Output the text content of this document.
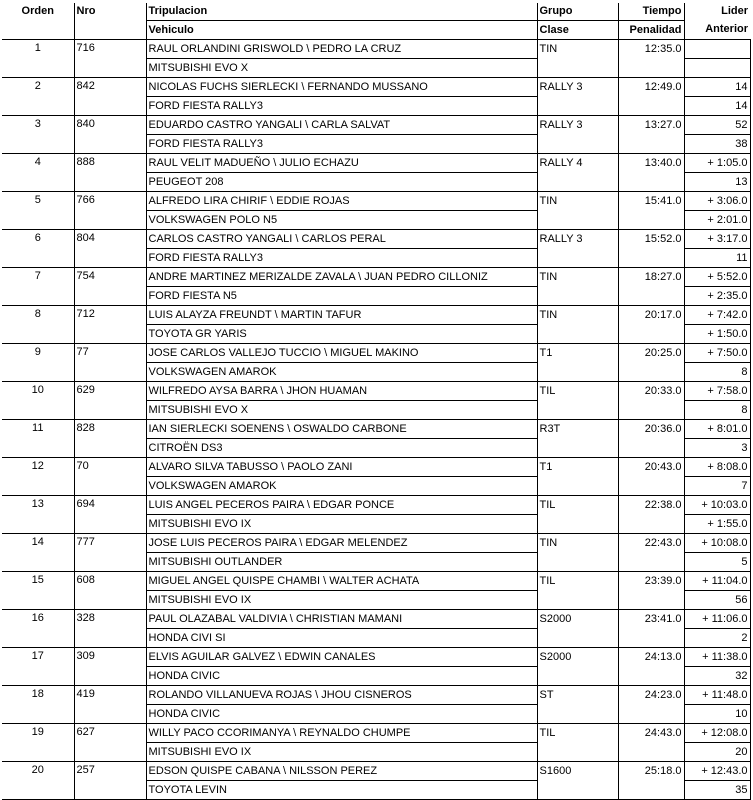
Orden	Nro	Tripulacion	Grupo	Tiempo	Lider
		Vehiculo	Clase	Penalidad	Anterior
1	716	RAUL ORLANDINI GRISWOLD \ PEDRO LA CRUZ	TIN	12:35.0	
		MITSUBISHI EVO X			
2	842	NICOLAS FUCHS SIERLECKI \ FERNANDO MUSSANO	RALLY 3	12:49.0	14
		FORD FIESTA RALLY3			14
3	840	EDUARDO CASTRO YANGALI \ CARLA SALVAT	RALLY 3	13:27.0	52
		FORD FIESTA RALLY3			38
4	888	RAUL VELIT MADUEÑO \ JULIO ECHAZU	RALLY 4	13:40.0	+ 1:05.0
		PEUGEOT 208			13
5	766	ALFREDO LIRA CHIRIF \ EDDIE ROJAS	TIN	15:41.0	+ 3:06.0
		VOLKSWAGEN POLO N5			+ 2:01.0
6	804	CARLOS CASTRO YANGALI \ CARLOS PERAL	RALLY 3	15:52.0	+ 3:17.0
		FORD FIESTA RALLY3			11
7	754	ANDRE MARTINEZ MERIZALDE ZAVALA \ JUAN PEDRO CILLONIZ	TIN	18:27.0	+ 5:52.0
		FORD FIESTA N5			+ 2:35.0
8	712	LUIS ALAYZA FREUNDT \ MARTIN TAFUR	TIN	20:17.0	+ 7:42.0
		TOYOTA GR YARIS			+ 1:50.0
9	77	JOSE CARLOS VALLEJO TUCCIO \ MIGUEL MAKINO	T1	20:25.0	+ 7:50.0
		VOLKSWAGEN AMAROK			8
10	629	WILFREDO AYSA BARRA \ JHON HUAMAN	TIL	20:33.0	+ 7:58.0
		MITSUBISHI EVO X			8
11	828	IAN SIERLECKI SOENENS \ OSWALDO CARBONE	R3T	20:36.0	+ 8:01.0
		CITROËN DS3			3
12	70	ALVARO SILVA TABUSSO \ PAOLO ZANI	T1	20:43.0	+ 8:08.0
		VOLKSWAGEN AMAROK			7
13	694	LUIS ANGEL PECEROS PAIRA \ EDGAR PONCE	TIL	22:38.0	+ 10:03.0
		MITSUBISHI EVO IX			+ 1:55.0
14	777	JOSE LUIS PECEROS PAIRA \ EDGAR MELENDEZ	TIN	22:43.0	+ 10:08.0
		MITSUBISHI OUTLANDER			5
15	608	MIGUEL ANGEL QUISPE CHAMBI \ WALTER ACHATA	TIL	23:39.0	+ 11:04.0
		MITSUBISHI EVO IX			56
16	328	PAUL OLAZABAL VALDIVIA \ CHRISTIAN MAMANI	S2000	23:41.0	+ 11:06.0
		HONDA CIVI SI			2
17	309	ELVIS AGUILAR GALVEZ \ EDWIN CANALES	S2000	24:13.0	+ 11:38.0
		HONDA CIVIC			32
18	419	ROLANDO VILLANUEVA ROJAS \ JHOU CISNEROS	ST	24:23.0	+ 11:48.0
		HONDA CIVIC			10
19	627	WILLY PACO CCORIMANYA \ REYNALDO CHUMPE	TIL	24:43.0	+ 12:08.0
		MITSUBISHI EVO IX			20
20	257	EDSON QUISPE CABANA \ NILSSON PEREZ	S1600	25:18.0	+ 12:43.0
		TOYOTA LEVIN			35
